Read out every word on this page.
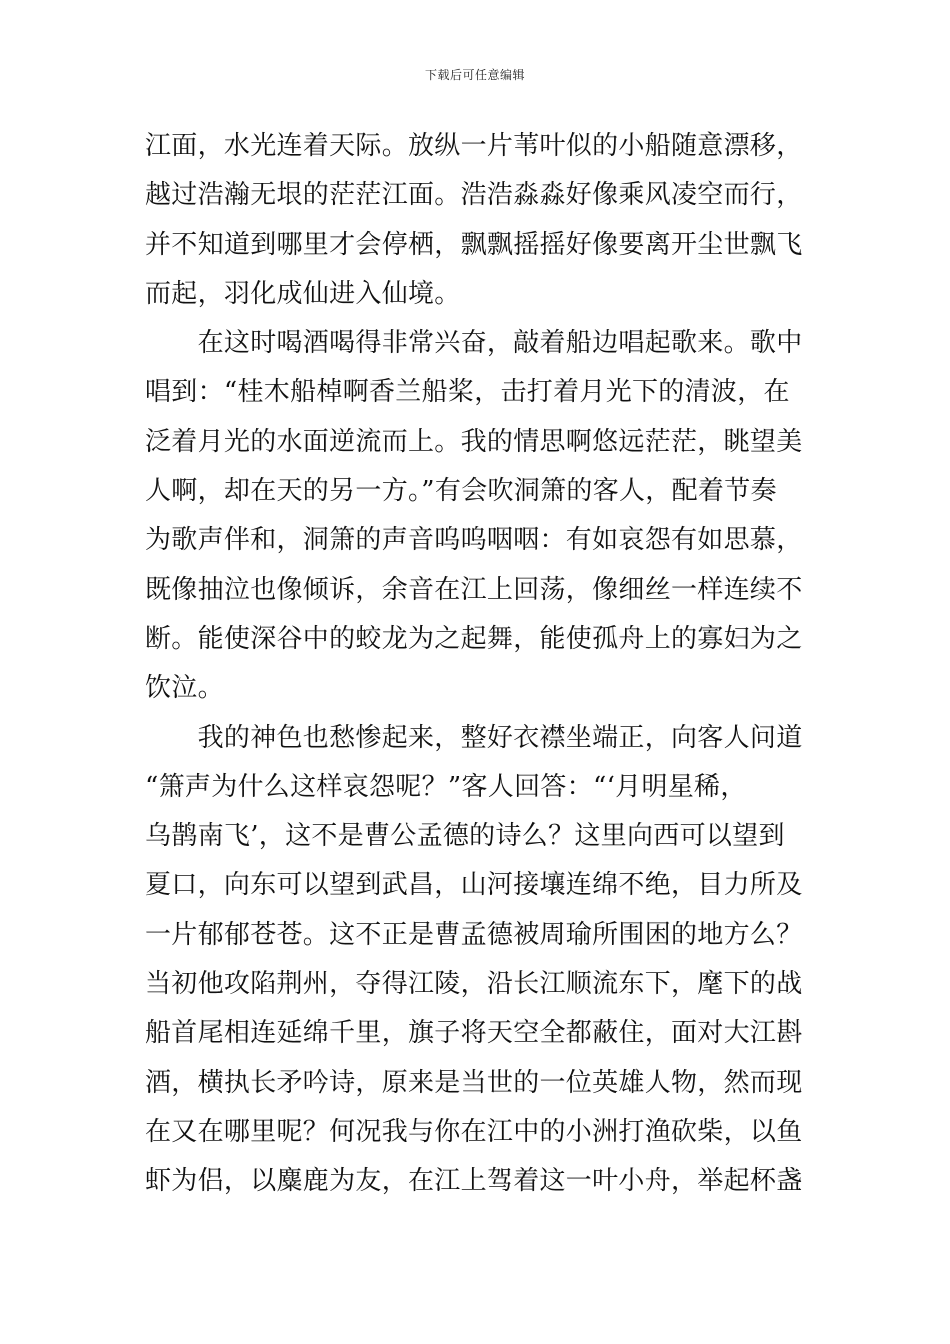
下载后可任意编辑
江面，水光连着天际。放纵一片苇叶似的小船随意漂移，
越过浩瀚无垠的茫茫江面。浩浩淼淼好像乘风凌空而行，
并不知道到哪里才会停栖，飘飘摇摇好像要离开尘世飘飞
而起，羽化成仙进入仙境。
　　在这时喝酒喝得非常兴奋，敲着船边唱起歌来。歌中
唱到：“桂木船棹啊香兰船桨，击打着月光下的清波，在
泛着月光的水面逆流而上。我的情思啊悠远茫茫，眺望美
人啊，却在天的另一方。”有会吹洞箫的客人，配着节奏
为歌声伴和，洞箫的声音呜呜咽咽：有如哀怨有如思慕，
既像抽泣也像倾诉，余音在江上回荡，像细丝一样连续不
断。能使深谷中的蛟龙为之起舞，能使孤舟上的寡妇为之
饮泣。
　　我的神色也愁惨起来，整好衣襟坐端正，向客人问道
“箫声为什么这样哀怨呢？”客人回答：“‘月明星稀，
乌鹊南飞’，这不是曹公孟德的诗么？这里向西可以望到
夏口，向东可以望到武昌，山河接壤连绵不绝，目力所及
一片郁郁苍苍。这不正是曹孟德被周瑜所围困的地方么？
当初他攻陷荆州，夺得江陵，沿长江顺流东下，麾下的战
船首尾相连延绵千里，旗子将天空全都蔽住，面对大江斟
酒，横执长矛吟诗，原来是当世的一位英雄人物，然而现
在又在哪里呢？何况我与你在江中的小洲打渔砍柴，以鱼
虾为侣，以麋鹿为友，在江上驾着这一叶小舟，举起杯盏
